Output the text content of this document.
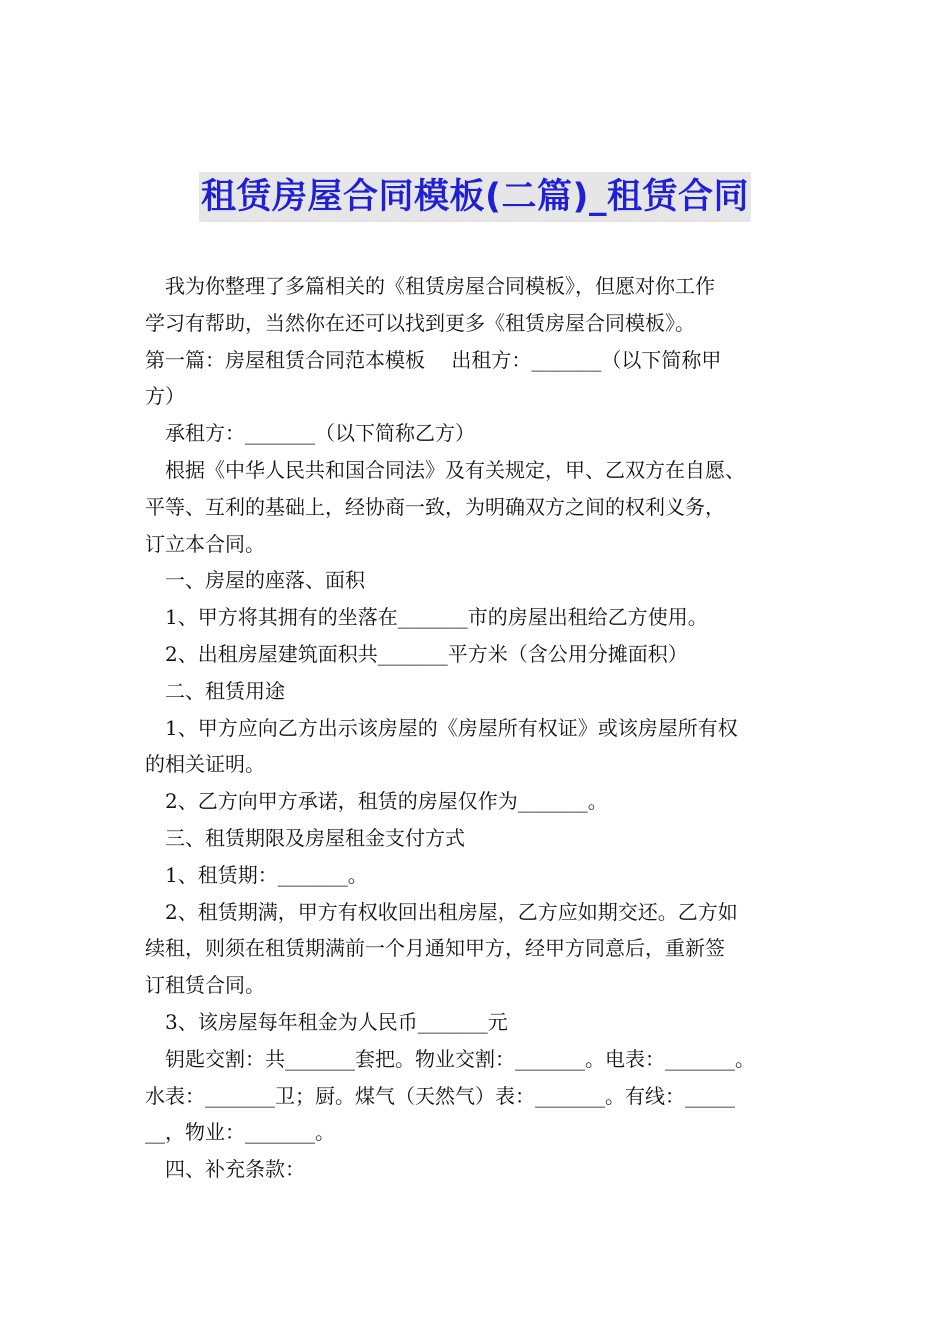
租赁房屋合同模板(二篇)_租赁合同
我为你整理了多篇相关的《租赁房屋合同模板》，但愿对你工作
学习有帮助，当然你在还可以找到更多《租赁房屋合同模板》。
第一篇：房屋租赁合同范本模板　 出租方：_______（以下简称甲
方）
承租方：_______（以下简称乙方）
根据《中华人民共和国合同法》及有关规定，甲、乙双方在自愿、
平等、互利的基础上，经协商一致，为明确双方之间的权利义务，
订立本合同。
一、房屋的座落、面积
1、甲方将其拥有的坐落在_______市的房屋出租给乙方使用。
2、出租房屋建筑面积共_______平方米（含公用分摊面积）
二、租赁用途
1、甲方应向乙方出示该房屋的《房屋所有权证》或该房屋所有权
的相关证明。
2、乙方向甲方承诺，租赁的房屋仅作为_______。
三、租赁期限及房屋租金支付方式
1、租赁期：_______。
2、租赁期满，甲方有权收回出租房屋，乙方应如期交还。乙方如
续租，则须在租赁期满前一个月通知甲方，经甲方同意后，重新签
订租赁合同。
3、该房屋每年租金为人民币_______元
钥匙交割：共_______套把。物业交割：_______。电表：_______。
水表：_______卫；厨。煤气（天然气）表：_______。有线：_____
__，物业：_______。
四、补充条款：
